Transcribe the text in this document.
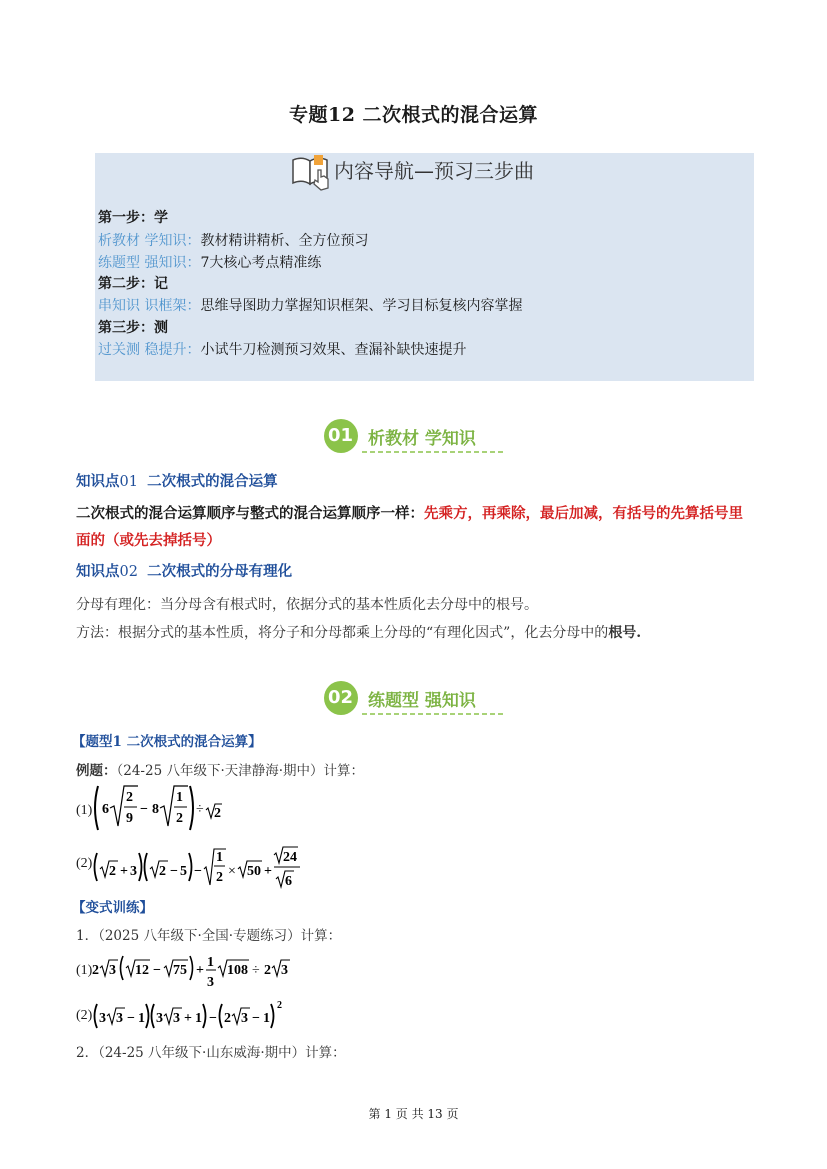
专题12 二次根式的混合运算
内容导航—预习三步曲
第一步：学
析教材 学知识：教材精讲精析、全方位预习
练题型 强知识：7大核心考点精准练
第二步：记
串知识 识框架：思维导图助力掌握知识框架、学习目标复核内容掌握
第三步：测
过关测 稳提升：小试牛刀检测预习效果、查漏补缺快速提升
01 析教材 学知识
知识点01 二次根式的混合运算
二次根式的混合运算顺序与整式的混合运算顺序一样：先乘方，再乘除，最后加减，有括号的先算括号里
面的（或先去掉括号）
知识点02 二次根式的分母有理化
分母有理化：当分母含有根式时，依据分式的基本性质化去分母中的根号。
方法：根据分式的基本性质，将分子和分母都乘上分母的“有理化因式”，化去分母中的根号.
02 练题型 强知识
【题型1 二次根式的混合运算】
例题：（24-25 八年级下·天津静海·期中）计算：
(1) 6
2
9
− 8
1
2
÷ 2
(2)
2 + 3 2 − 5 −
1
2 × 50 +
24
6
【变式训练】
1．（2025 八年级下·全国·专题练习）计算：
(1) 2 3 12 − 75 +
1
3
108 ÷ 2 3
(2) 3 3 − 1 3 3 + 1 − 2 3 − 1
2
2．（24-25 八年级下·山东威海·期中）计算：
第 1 页 共 13 页
